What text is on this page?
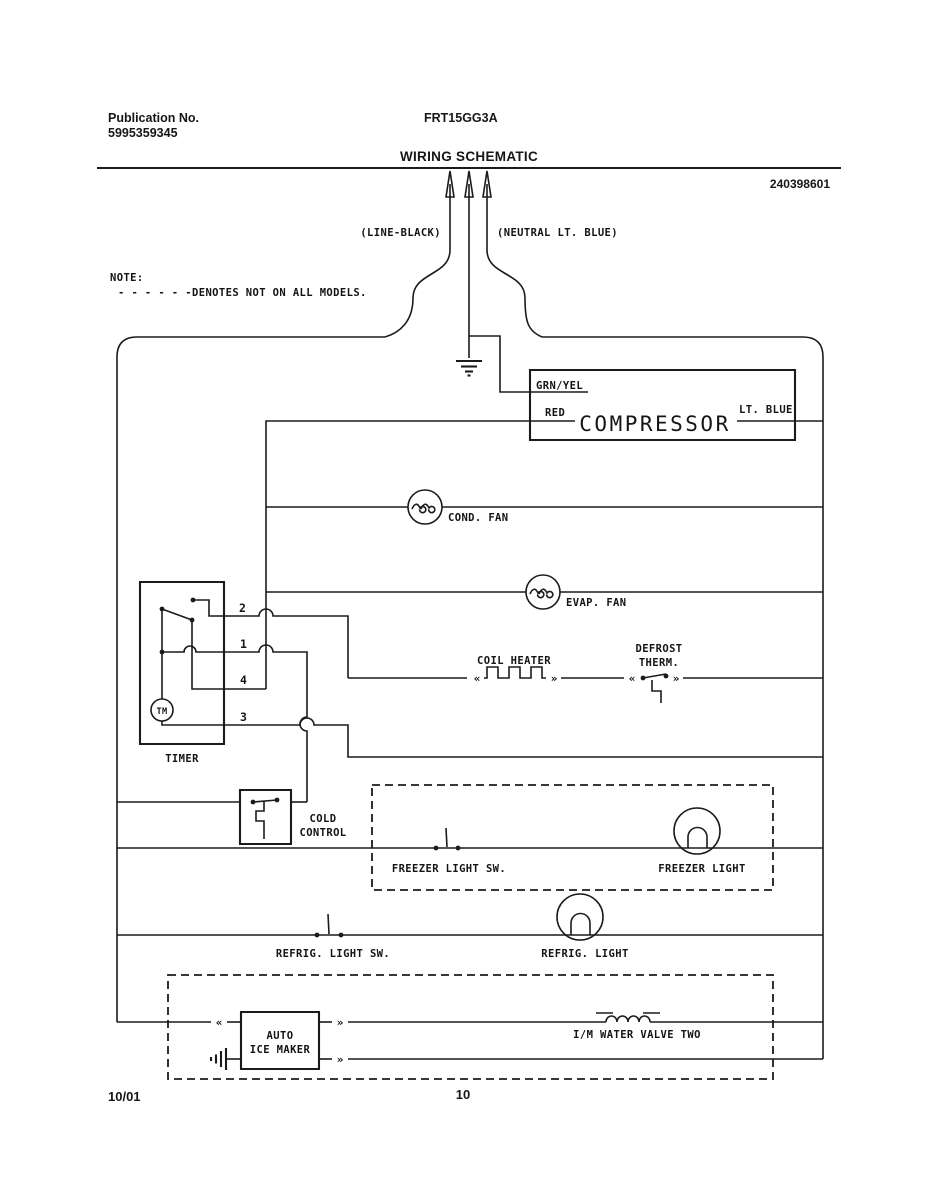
Publication No.
5995359345
FRT15GG3A
WIRING SCHEMATIC
240398601
NOTE:
- - - - - - DENOTES NOT ON ALL MODELS.
(LINE-BLACK)	(NEUTRAL LT. BLUE)
GRN/YEL
RED	LT. BLUE
COMPRESSOR
COND. FAN
EVAP. FAN
TIMER
TM
2
1
4
3
«	»
COIL HEATER
«	»
DEFROST
THERM.
COLD
CONTROL
FREEZER LIGHT SW.	FREEZER LIGHT
REFRIG. LIGHT SW.	REFRIG. LIGHT
«
AUTO
ICE MAKER
»
I/M WATER VALVE TWO
»
10/01	10
